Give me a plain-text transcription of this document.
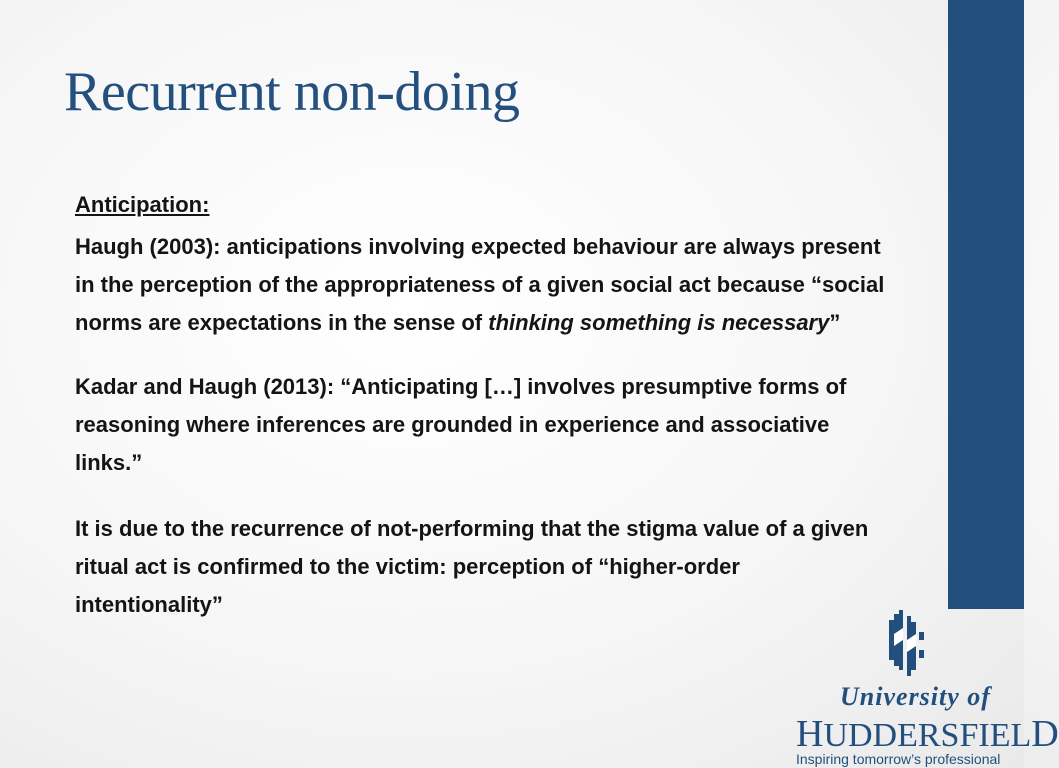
Recurrent non-doing

Anticipation:

Haugh (2003): anticipations involving expected behaviour are always present in the perception of the appropriateness of a given social act because “social norms are expectations in the sense of thinking something is necessary”

Kadar and Haugh (2013): “Anticipating […] involves presumptive forms of reasoning where inferences are grounded in experience and associative links.”

It is due to the recurrence of not-performing that the stigma value of a given ritual act is confirmed to the victim: perception of “higher-order intentionality”

University of
HUDDERSFIELD
Inspiring tomorrow’s professional
